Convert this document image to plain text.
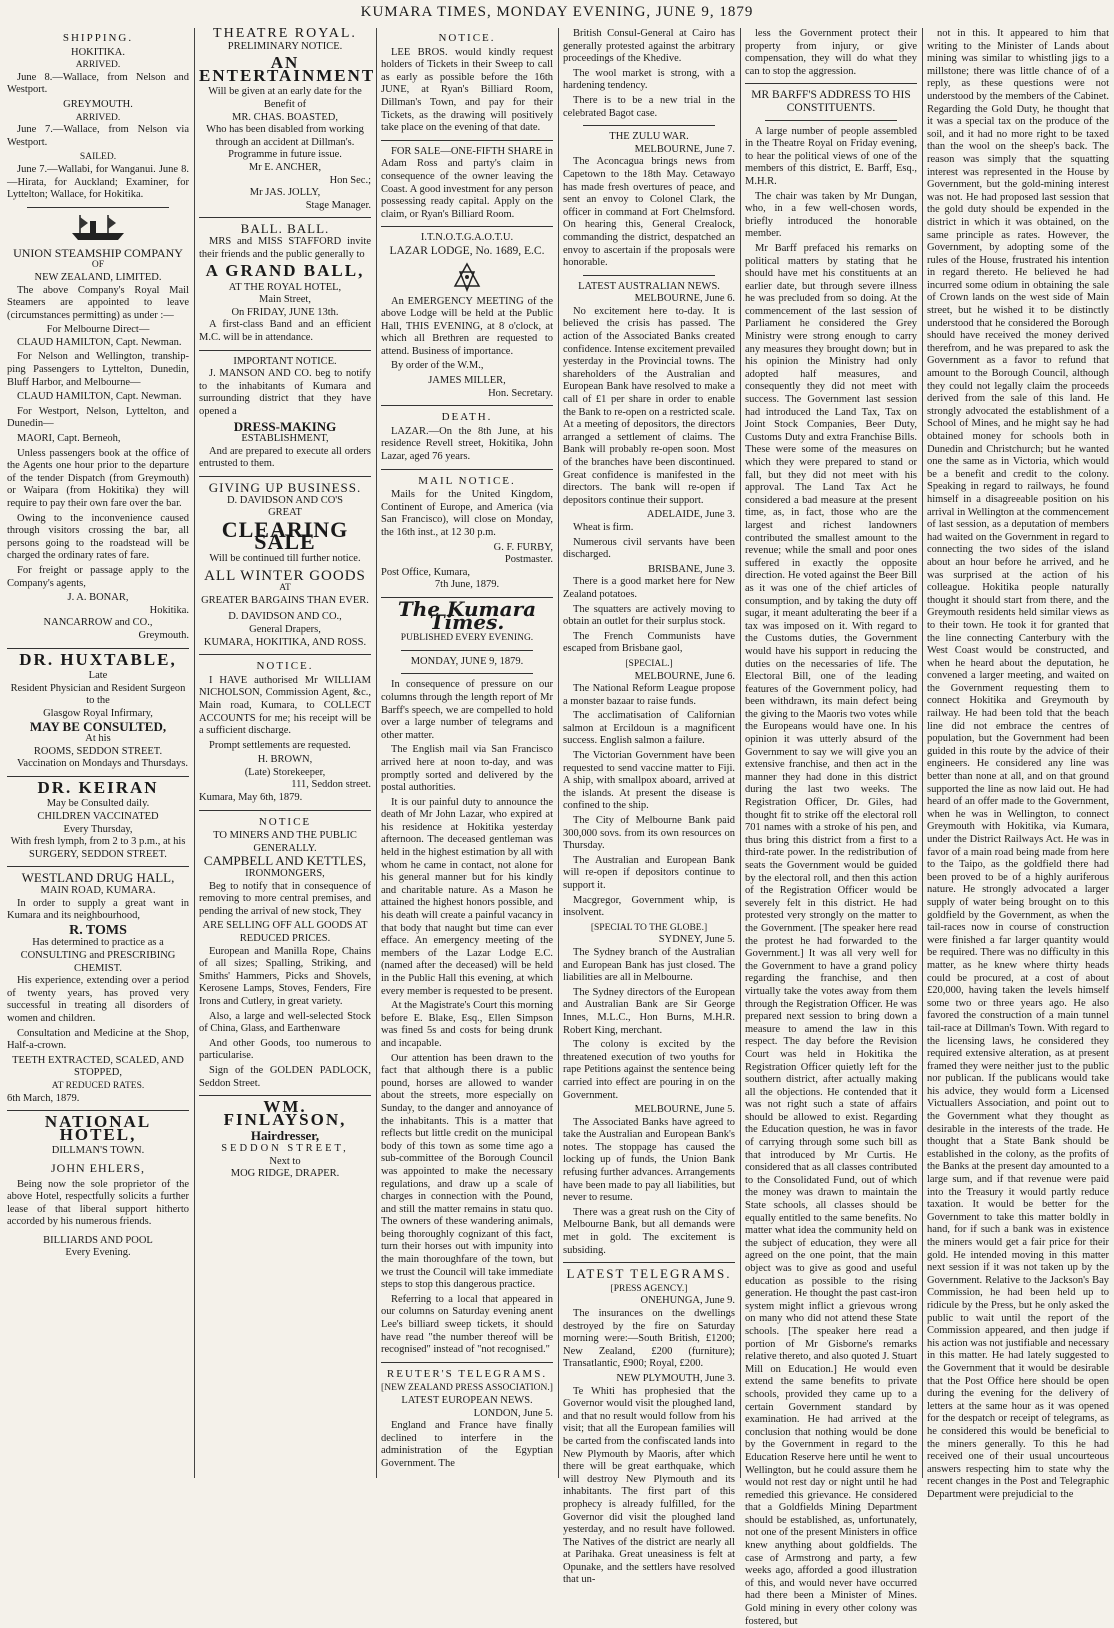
KUMARA TIMES, MONDAY EVENING, JUNE 9, 1879
SHIPPING.
HOKITIKA.
ARRIVED.

June 8.—Wallace, from Nelson and Westport.

GREYMOUTH.
ARRIVED.

June 7.—Wallace, from Nelson via Westport.

SAILED.

June 7.—Wallabi, for Wanganui. June 8.—Hirata, for Auckland; Examiner, for Lyttelton; Wallace, for Hokitika.

UNION STEAMSHIP COMPANY
OF
NEW ZEALAND, LIMITED.

The above Company's Royal Mail Steamers are appointed to leave (circumstances permitting) as under :—

For Melbourne Direct—

CLAUD HAMILTON, Capt. Newman.

For Nelson and Wellington, tranship-ping Passengers to Lyttelton, Dunedin, Bluff Harbor, and Melbourne—

CLAUD HAMILTON, Capt. Newman.

For Westport, Nelson, Lyttelton, and Dunedin—

MAORI, Capt. Berneoh,

Unless passengers book at the office of the Agents one hour prior to the departure of the tender Dispatch (from Greymouth) or Waipara (from Hokitika) they will require to pay their own fare over the bar.

Owing to the inconvenience caused through visitors crossing the bar, all persons going to the roadstead will be charged the ordinary rates of fare.

For freight or passage apply to the Company's agents,

J. A. BONAR,
Hokitika.
NANCARROW and CO.,
Greymouth.
DR. HUXTABLE,
Late
Resident Physician and Resident Surgeon to the
Glasgow Royal Infirmary,
MAY BE CONSULTED,
At his
ROOMS, SEDDON STREET.

Vaccination on Mondays and Thursdays.

DR. KEIRAN
May be Consulted daily.
CHILDREN VACCINATED
Every Thursday,
With fresh lymph, from 2 to 3 p.m., at his
SURGERY, SEDDON STREET.
WESTLAND DRUG HALL,
MAIN ROAD, KUMARA.

In order to supply a great want in Kumara and its neighbourhood,

R. TOMS
Has determined to practice as a
CONSULTING and PRESCRIBING CHEMIST.

His experience, extending over a period of twenty years, has proved very successful in treating all disorders of women and children.

Consultation and Medicine at the Shop, Half-a-crown.

TEETH EXTRACTED, SCALED, AND STOPPED,
AT REDUCED RATES.
6th March, 1879.
NATIONAL HOTEL,
DILLMAN'S TOWN.
JOHN EHLERS,

Being now the sole proprietor of the above Hotel, respectfully solicits a further lease of that liberal support hitherto accorded by his numerous friends.

BILLIARDS AND POOL
Every Evening.
THEATRE ROYAL.
PRELIMINARY NOTICE.
AN ENTERTAINMENT
Will be given at an early date for the Benefit of
MR. CHAS. BOASTED,
Who has been disabled from working through an accident at Dillman's.
Programme in future issue.
Mr E. ANCHER,
Hon Sec.;
Mr JAS. JOLLY,
Stage Manager.
BALL. BALL.

MRS and MISS STAFFORD invite their friends and the public generally to

A GRAND BALL,
AT THE ROYAL HOTEL,
Main Street,
On FRIDAY, JUNE 13th.

A first-class Band and an efficient M.C. will be in attendance.

IMPORTANT NOTICE.

J. MANSON AND CO. beg to notify to the inhabitants of Kumara and surrounding district that they have opened a

DRESS-MAKING
ESTABLISHMENT,

And are prepared to execute all orders entrusted to them.

GIVING UP BUSINESS.
D. DAVIDSON AND CO'S
GREAT
CLEARING SALE
Will be continued till further notice.
ALL WINTER GOODS
AT
GREATER BARGAINS THAN EVER.
D. DAVIDSON AND CO.,
General Drapers,
KUMARA, HOKITIKA, AND ROSS.
NOTICE.

I HAVE authorised Mr WILLIAM NICHOLSON, Commission Agent, &c., Main road, Kumara, to COLLECT ACCOUNTS for me; his receipt will be a sufficient discharge.

Prompt settlements are requested.

H. BROWN,
(Late) Storekeeper,
111, Seddon street.
Kumara, May 6th, 1879.
NOTICE
TO MINERS AND THE PUBLIC GENERALLY.
CAMPBELL AND KETTLES,
IRONMONGERS,

Beg to notify that in consequence of removing to more central premises, and pending the arrival of new stock, They

ARE SELLING OFF ALL GOODS AT REDUCED PRICES.

European and Manilla Rope, Chains of all sizes; Spalling, Striking, and Smiths' Hammers, Picks and Shovels, Kerosene Lamps, Stoves, Fenders, Fire Irons and Cutlery, in great variety.

Also, a large and well-selected Stock of China, Glass, and Earthenware

And other Goods, too numerous to particularise.

Sign of the GOLDEN PADLOCK, Seddon Street.

WM. FINLAYSON,
Hairdresser,
SEDDON STREET,
Next to
MOG RIDGE, DRAPER.
NOTICE.

LEE BROS. would kindly request holders of Tickets in their Sweep to call as early as possible before the 16th JUNE, at Ryan's Billiard Room, Dillman's Town, and pay for their Tickets, as the drawing will positively take place on the evening of that date.

FOR SALE—ONE-FIFTH SHARE in Adam Ross and party's claim in consequence of the owner leaving the Coast. A good investment for any person possessing ready capital. Apply on the claim, or Ryan's Billiard Room.

I.T.N.O.T.G.A.O.T.U.
LAZAR LODGE, No. 1689, E.C.

An EMERGENCY MEETING of the above Lodge will be held at the Public Hall, THIS EVENING, at 8 o'clock, at which all Brethren are requested to attend. Business of importance.

By order of the W.M.,

JAMES MILLER,
Hon. Secretary.
DEATH.

LAZAR.—On the 8th June, at his residence Revell street, Hokitika, John Lazar, aged 76 years.

MAIL NOTICE.

Mails for the United Kingdom, Continent of Europe, and America (via San Francisco), will close on Monday, the 16th inst., at 12 30 p.m.

G. F. FURBY,
Postmaster.
Post Office, Kumara,
7th June, 1879.
The Kumara Times.
PUBLISHED EVERY EVENING.
MONDAY, JUNE 9, 1879.

In consequence of pressure on our columns through the length report of Mr Barff's speech, we are compelled to hold over a large number of telegrams and other matter.

The English mail via San Francisco arrived here at noon to-day, and was promptly sorted and delivered by the postal authorities.

It is our painful duty to announce the death of Mr John Lazar, who expired at his residence at Hokitika yesterday afternoon. The deceased gentleman was held in the highest estimation by all with whom he came in contact, not alone for his general manner but for his kindly and charitable nature. As a Mason he attained the highest honors possible, and his death will create a painful vacancy in that body that naught but time can ever efface. An emergency meeting of the members of the Lazar Lodge E.C. (named after the deceased) will be held in the Public Hall this evening, at which every member is requested to be present.

At the Magistrate's Court this morning before E. Blake, Esq., Ellen Simpson was fined 5s and costs for being drunk and incapable.

Our attention has been drawn to the fact that although there is a public pound, horses are allowed to wander about the streets, more especially on Sunday, to the danger and annoyance of the inhabitants. This is a matter that reflects but little credit on the municipal body of this town as some time ago a sub-committee of the Borough Council was appointed to make the necessary regulations, and draw up a scale of charges in connection with the Pound, and still the matter remains in statu quo. The owners of these wandering animals, being thoroughly cognizant of this fact, turn their horses out with impunity into the main thoroughfare of the town, but we trust the Council will take immediate steps to stop this dangerous practice.

Referring to a local that appeared in our columns on Saturday evening anent Lee's billiard sweep tickets, it should have read "the number thereof will be recognised" instead of "not recognised."

REUTER'S TELEGRAMS.
[NEW ZEALAND PRESS ASSOCIATION.]
LATEST EUROPEAN NEWS.
LONDON, June 5.

England and France have finally declined to interfere in the administration of the Egyptian Government. The

British Consul-General at Cairo has generally protested against the arbitrary proceedings of the Khedive.

The wool market is strong, with a hardening tendency.

There is to be a new trial in the celebrated Bagot case.

THE ZULU WAR.
MELBOURNE, June 7.

The Aconcagua brings news from Capetown to the 18th May. Cetawayo has made fresh overtures of peace, and sent an envoy to Colonel Clark, the officer in command at Fort Chelmsford. On hearing this, General Crealock, commanding the district, despatched an envoy to ascertain if the proposals were honorable.

LATEST AUSTRALIAN NEWS.
MELBOURNE, June 6.

No excitement here to-day. It is believed the crisis has passed. The action of the Associated Banks created confidence. Intense excitement prevailed yesterday in the Provincial towns. The shareholders of the Australian and European Bank have resolved to make a call of £1 per share in order to enable the Bank to re-open on a restricted scale. At a meeting of depositors, the directors arranged a settlement of claims. The Bank will probably re-open soon. Most of the branches have been discontinued. Great confidence is manifested in the directors. The bank will re-open if depositors continue their support.

ADELAIDE, June 3.

Wheat is firm.

Numerous civil servants have been discharged.

BRISBANE, June 3.

There is a good market here for New Zealand potatoes.

The squatters are actively moving to obtain an outlet for their surplus stock.

The French Communists have escaped from Brisbane gaol,

[SPECIAL.]
MELBOURNE, June 6.

The National Reform League propose a monster bazaar to raise funds.

The acclimatisation of Californian salmon at Ercildoun is a magnificent success. English salmon a failure.

The Victorian Government have been requested to send vaccine matter to Fiji. A ship, with smallpox aboard, arrived at the islands. At present the disease is confined to the ship.

The City of Melbourne Bank paid 300,000 sovs. from its own resources on Thursday.

The Australian and European Bank will re-open if depositors continue to support it.

Macgregor, Government whip, is insolvent.

[SPECIAL TO THE GLOBE.]
SYDNEY, June 5.

The Sydney branch of the Australian and European Bank has just closed. The liabilities are all in Melbourne.

The Sydney directors of the European and Australian Bank are Sir George Innes, M.L.C., Hon Burns, M.H.R. Robert King, merchant.

The colony is excited by the threatened execution of two youths for rape Petitions against the sentence being carried into effect are pouring in on the Government.

MELBOURNE, June 5.

The Associated Banks have agreed to take the Australian and European Bank's notes. The stoppage has caused the locking up of funds, the Union Bank refusing further advances. Arrangements have been made to pay all liabilities, but never to resume.

There was a great rush on the City of Melbourne Bank, but all demands were met in gold. The excitement is subsiding.

LATEST TELEGRAMS.
[PRESS AGENCY.]
ONEHUNGA, June 9.

The insurances on the dwellings destroyed by the fire on Saturday morning were:—South British, £1200; New Zealand, £200 (furniture); Transatlantic, £900; Royal, £200.

NEW PLYMOUTH, June 3.

Te Whiti has prophesied that the Governor would visit the ploughed land, and that no result would follow from his visit; that all the European families will be carted from the confiscated lands into New Plymouth by Maoris, after which there will be great earthquake, which will destroy New Plymouth and its inhabitants. The first part of this prophecy is already fulfilled, for the Governor did visit the ploughed land yesterday, and no result have followed. The Natives of the district are nearly all at Parihaka. Great uneasiness is felt at Opunake, and the settlers have resolved that un-

less the Government protect their property from injury, or give compensation, they will do what they can to stop the aggression.

MR BARFF'S ADDRESS TO HIS CONSTITUENTS.

A large number of people assembled in the Theatre Royal on Friday evening, to hear the political views of one of the members of this district, E. Barff, Esq., M.H.R.

The chair was taken by Mr Dungan, who, in a few well-chosen words, briefly introduced the honorable member.

Mr Barff prefaced his remarks on political matters by stating that he should have met his constituents at an earlier date, but through severe illness he was precluded from so doing. At the commencement of the last session of Parliament he considered the Grey Ministry were strong enough to carry any measures they brought down; but in his opinion the Ministry had only adopted half measures, and consequently they did not meet with success. The Government last session had introduced the Land Tax, Tax on Joint Stock Companies, Beer Duty, Customs Duty and extra Franchise Bills. These were some of the measures on which they were prepared to stand or fall, but they did not meet with his approval. The Land Tax Act he considered a bad measure at the present time, as, in fact, those who are the largest and richest landowners contributed the smallest amount to the revenue; while the small and poor ones suffered in exactly the opposite direction. He voted against the Beer Bill as it was one of the chief articles of consumption, and by taking the duty off sugar, it meant adulterating the beer if a tax was imposed on it. With regard to the Customs duties, the Government would have his support in reducing the duties on the necessaries of life. The Electoral Bill, one of the leading features of the Government policy, had been withdrawn, its main defect being the giving to the Maoris two votes while the Europeans would have one. In his opinion it was utterly absurd of the Government to say we will give you an extensive franchise, and then act in the manner they had done in this district during the last two weeks. The Registration Officer, Dr. Giles, had thought fit to strike off the electoral roll 701 names with a stroke of his pen, and thus bring this district from a first to a third-rate power. In the redistribution of seats the Government would be guided by the electoral roll, and then this action of the Registration Officer would be severely felt in this district. He had protested very strongly on the matter to the Government. [The speaker here read the protest he had forwarded to the Government.] It was all very well for the Government to have a grand policy regarding the franchise, and then virtually take the votes away from them through the Registration Officer. He was prepared next session to bring down a measure to amend the law in this respect. The day before the Revision Court was held in Hokitika the Registration Officer quietly left for the southern district, after actually making all the objections. He contended that it was not right such a state of affairs should be allowed to exist. Regarding the Education question, he was in favor of carrying through some such bill as that introduced by Mr Curtis. He considered that as all classes contributed to the Consolidated Fund, out of which the money was drawn to maintain the State schools, all classes should be equally entitled to the same benefits. No matter what idea the community held on the subject of education, they were all agreed on the one point, that the main object was to give as good and useful education as possible to the rising generation. He thought the past cast-iron system might inflict a grievous wrong on many who did not attend these State schools. [The speaker here read a portion of Mr Gisborne's remarks relative thereto, and also quoted J. Stuart Mill on Education.] He would even extend the same benefits to private schools, provided they came up to a certain Government standard by examination. He had arrived at the conclusion that nothing would be done by the Government in regard to the Education Reserve here until he went to Wellington, but he could assure them he would not rest day or night until he had remedied this grievance. He considered that a Goldfields Mining Department should be established, as, unfortunately, not one of the present Ministers in office knew anything about goldfields. The case of Armstrong and party, a few weeks ago, afforded a good illustration of this, and would never have occurred had there been a Minister of Mines. Gold mining in every other colony was fostered, but

not in this. It appeared to him that writing to the Minister of Lands about mining was similar to whistling jigs to a millstone; there was little chance of of a reply, as these questions were not understood by the members of the Cabinet. Regarding the Gold Duty, he thought that it was a special tax on the produce of the soil, and it had no more right to be taxed than the wool on the sheep's back. The reason was simply that the squatting interest was represented in the House by Government, but the gold-mining interest was not. He had proposed last session that the gold duty should be expended in the district in which it was obtained, on the same principle as rates. However, the Government, by adopting some of the rules of the House, frustrated his intention in regard thereto. He believed he had incurred some odium in obtaining the sale of Crown lands on the west side of Main street, but he wished it to be distinctly understood that he considered the Borough should have received the money derived therefrom, and he was prepared to ask the Government as a favor to refund that amount to the Borough Council, although they could not legally claim the proceeds derived from the sale of this land. He strongly advocated the establishment of a School of Mines, and he might say he had obtained money for schools both in Dunedin and Christchurch; but he wanted one the same as in Victoria, which would be a benefit and credit to the colony. Speaking in regard to railways, he found himself in a disagreeable position on his arrival in Wellington at the commencement of last session, as a deputation of members had waited on the Government in regard to connecting the two sides of the island about an hour before he arrived, and he was surprised at the action of his colleague. Hokitika people naturally thought it should start from there, and the Greymouth residents held similar views as to their town. He took it for granted that the line connecting Canterbury with the West Coast would be constructed, and when he heard about the deputation, he convened a larger meeting, and waited on the Government requesting them to connect Hokitika and Greymouth by railway. He had been told that the beach line did not embrace the centres of population, but the Government had been guided in this route by the advice of their engineers. He considered any line was better than none at all, and on that ground supported the line as now laid out. He had heard of an offer made to the Government, when he was in Wellington, to connect Greymouth with Hokitika, via Kumara, under the District Railways Act. He was in favor of a main road being made from here to the Taipo, as the goldfield there had been proved to be of a highly auriferous nature. He strongly advocated a larger supply of water being brought on to this goldfield by the Government, as when the tail-races now in course of construction were finished a far larger quantity would be required. There was no difficulty in this matter, as he knew where thirty heads could be procured, at a cost of about £20,000, having taken the levels himself some two or three years ago. He also favored the construction of a main tunnel tail-race at Dillman's Town. With regard to the licensing laws, he considered they required extensive alteration, as at present framed they were neither just to the public nor publican. If the publicans would take his advice, they would form a Licensed Victuallers Association, and point out to the Government what they thought as desirable in the interests of the trade. He thought that a State Bank should be established in the colony, as the profits of the Banks at the present day amounted to a large sum, and if that revenue were paid into the Treasury it would partly reduce taxation. It would be better for the Government to take this matter boldly in hand, for if such a bank was in existence the miners would get a fair price for their gold. He intended moving in this matter next session if it was not taken up by the Government. Relative to the Jackson's Bay Commission, he had been held up to ridicule by the Press, but he only asked the public to wait until the report of the Commission appeared, and then judge if his action was not justifiable and necessary in this matter. He had lately suggested to the Government that it would be desirable that the Post Office here should be open during the evening for the delivery of letters at the same hour as it was opened for the despatch or receipt of telegrams, as he considered this would be beneficial to the miners generally. To this he had received one of their usual uncourteous answers respecting him to state why the recent changes in the Post and Telegraphic Department were prejudicial to the
